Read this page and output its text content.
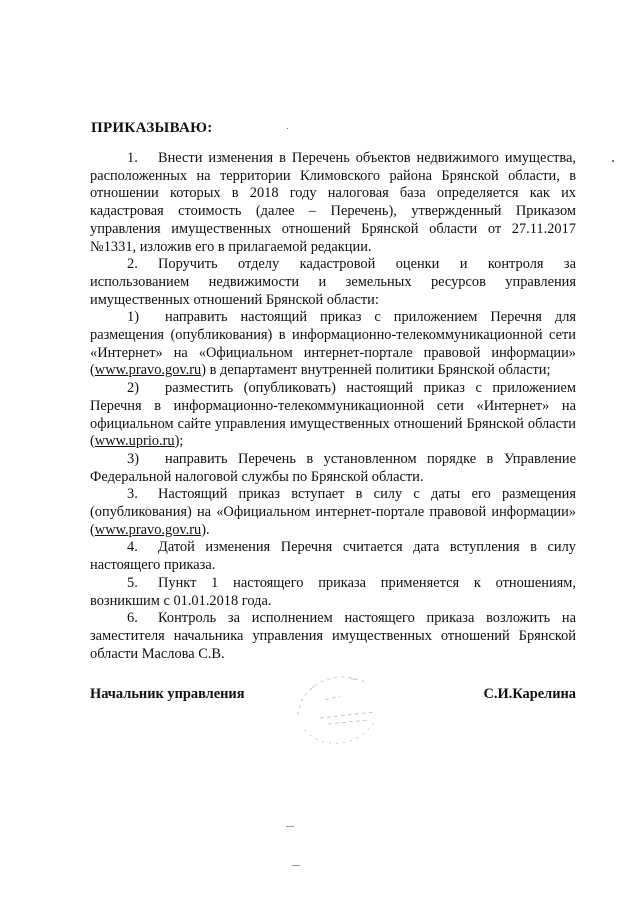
ПРИКАЗЫВАЮ:

1. Внести изменения в Перечень объектов недвижимого имущества, расположенных на территории Климовского района Брянской области, в отношении которых в 2018 году налоговая база определяется как их кадастровая стоимость (далее – Перечень), утвержденный Приказом управления имущественных отношений Брянской области от 27.11.2017 №1331, изложив его в прилагаемой редакции.

2. Поручить отделу кадастровой оценки и контроля за использованием недвижимости и земельных ресурсов управления имущественных отношений Брянской области:

1) направить настоящий приказ с приложением Перечня для размещения (опубликования) в информационно-телекоммуникационной сети «Интернет» на «Официальном интернет-портале правовой информации» (www.pravo.gov.ru) в департамент внутренней политики Брянской области;

2) разместить (опубликовать) настоящий приказ с приложением Перечня в информационно-телекоммуникационной сети «Интернет» на официальном сайте управления имущественных отношений Брянской области (www.uprio.ru);

3) направить Перечень в установленном порядке в Управление Федеральной налоговой службы по Брянской области.

3. Настоящий приказ вступает в силу с даты его размещения (опубликования) на «Официальном интернет-портале правовой информации» (www.pravo.gov.ru).

4. Датой изменения Перечня считается дата вступления в силу настоящего приказа.

5. Пункт 1 настоящего приказа применяется к отношениям, возникшим с 01.01.2018 года.

6. Контроль за исполнением настоящего приказа возложить на заместителя начальника управления имущественных отношений Брянской области Маслова С.В.

Начальник управления	С.И.Карелина
